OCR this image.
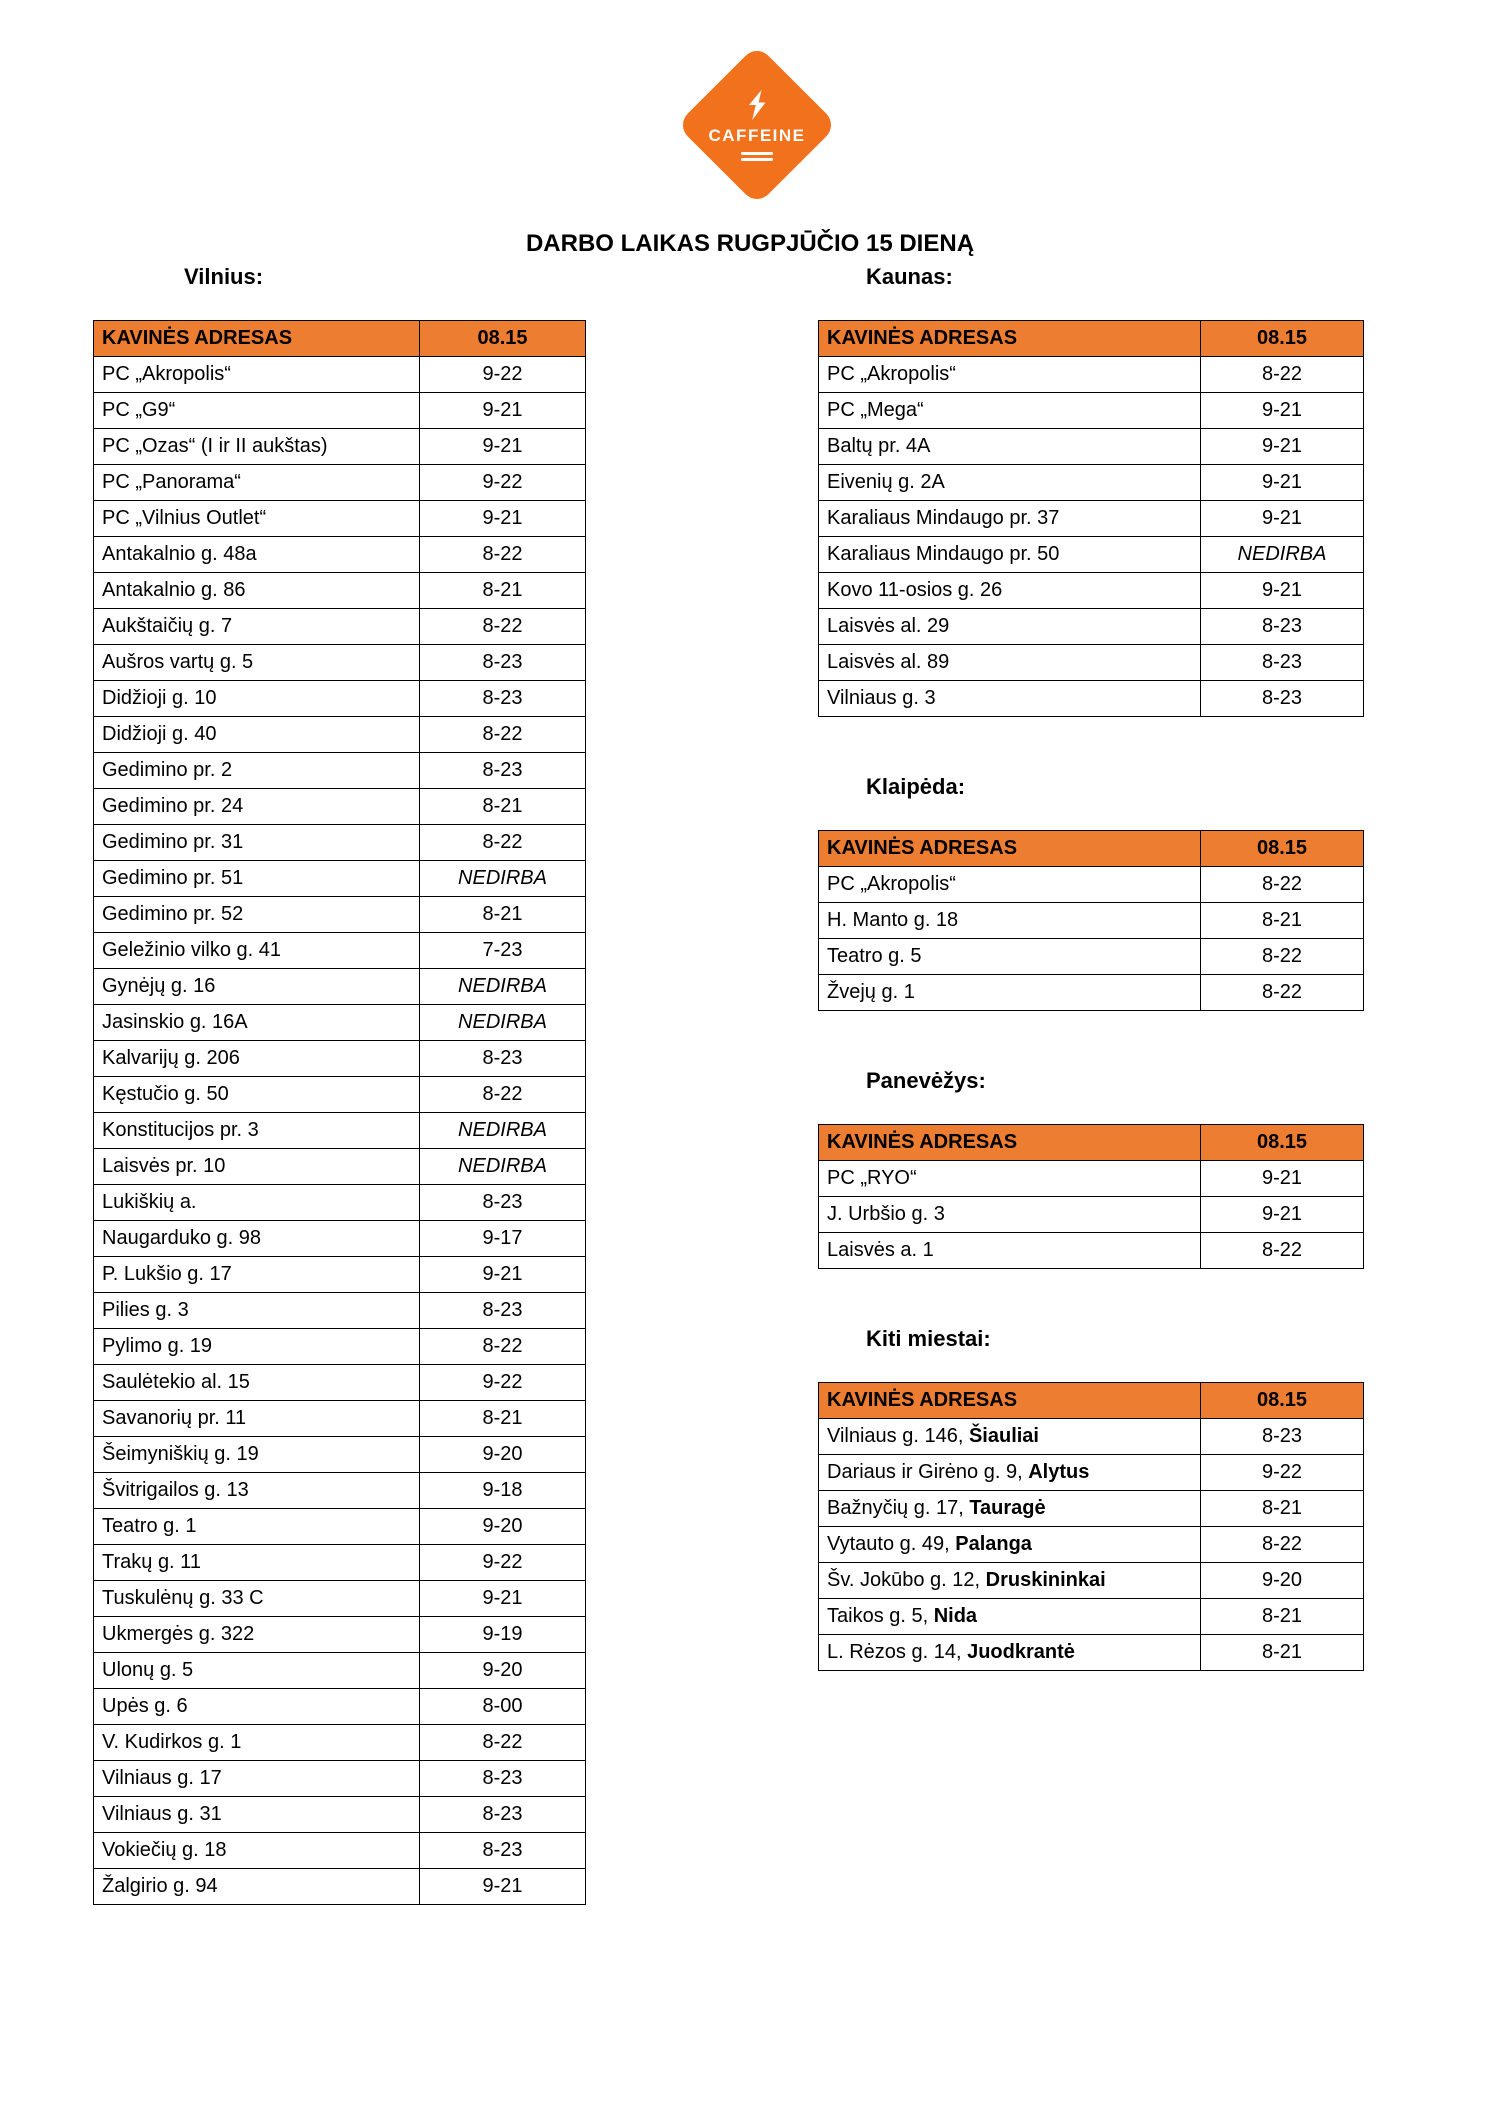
CAFFEINE
DARBO LAIKAS RUGPJŪČIO 15 DIENĄ
Vilnius:
KAVINĖS ADRESAS	08.15
PC „Akropolis“	9-22
PC „G9“	9-21
PC „Ozas“ (I ir II aukštas)	9-21
PC „Panorama“	9-22
PC „Vilnius Outlet“	9-21
Antakalnio g. 48a	8-22
Antakalnio g. 86	8-21
Aukštaičių g. 7	8-22
Aušros vartų g. 5	8-23
Didžioji g. 10	8-23
Didžioji g. 40	8-22
Gedimino pr. 2	8-23
Gedimino pr. 24	8-21
Gedimino pr. 31	8-22
Gedimino pr. 51	NEDIRBA
Gedimino pr. 52	8-21
Geležinio vilko g. 41	7-23
Gynėjų g. 16	NEDIRBA
Jasinskio g. 16A	NEDIRBA
Kalvarijų g. 206	8-23
Kęstučio g. 50	8-22
Konstitucijos pr. 3	NEDIRBA
Laisvės pr. 10	NEDIRBA
Lukiškių a.	8-23
Naugarduko g. 98	9-17
P. Lukšio g. 17	9-21
Pilies g. 3	8-23
Pylimo g. 19	8-22
Saulėtekio al. 15	9-22
Savanorių pr. 11	8-21
Šeimyniškių g. 19	9-20
Švitrigailos g. 13	9-18
Teatro g. 1	9-20
Trakų g. 11	9-22
Tuskulėnų g. 33 C	9-21
Ukmergės g. 322	9-19
Ulonų g. 5	9-20
Upės g. 6	8-00
V. Kudirkos g. 1	8-22
Vilniaus g. 17	8-23
Vilniaus g. 31	8-23
Vokiečių g. 18	8-23
Žalgirio g. 94	9-21
Kaunas:
KAVINĖS ADRESAS	08.15
PC „Akropolis“	8-22
PC „Mega“	9-21
Baltų pr. 4A	9-21
Eivenių g. 2A	9-21
Karaliaus Mindaugo pr. 37	9-21
Karaliaus Mindaugo pr. 50	NEDIRBA
Kovo 11-osios g. 26	9-21
Laisvės al. 29	8-23
Laisvės al. 89	8-23
Vilniaus g. 3	8-23
Klaipėda:
KAVINĖS ADRESAS	08.15
PC „Akropolis“	8-22
H. Manto g. 18	8-21
Teatro g. 5	8-22
Žvejų g. 1	8-22
Panevėžys:
KAVINĖS ADRESAS	08.15
PC „RYO“	9-21
J. Urbšio g. 3	9-21
Laisvės a. 1	8-22
Kiti miestai:
KAVINĖS ADRESAS	08.15
Vilniaus g. 146, Šiauliai	8-23
Dariaus ir Girėno g. 9, Alytus	9-22
Bažnyčių g. 17, Tauragė	8-21
Vytauto g. 49, Palanga	8-22
Šv. Jokūbo g. 12, Druskininkai	9-20
Taikos g. 5, Nida	8-21
L. Rėzos g. 14, Juodkrantė	8-21
